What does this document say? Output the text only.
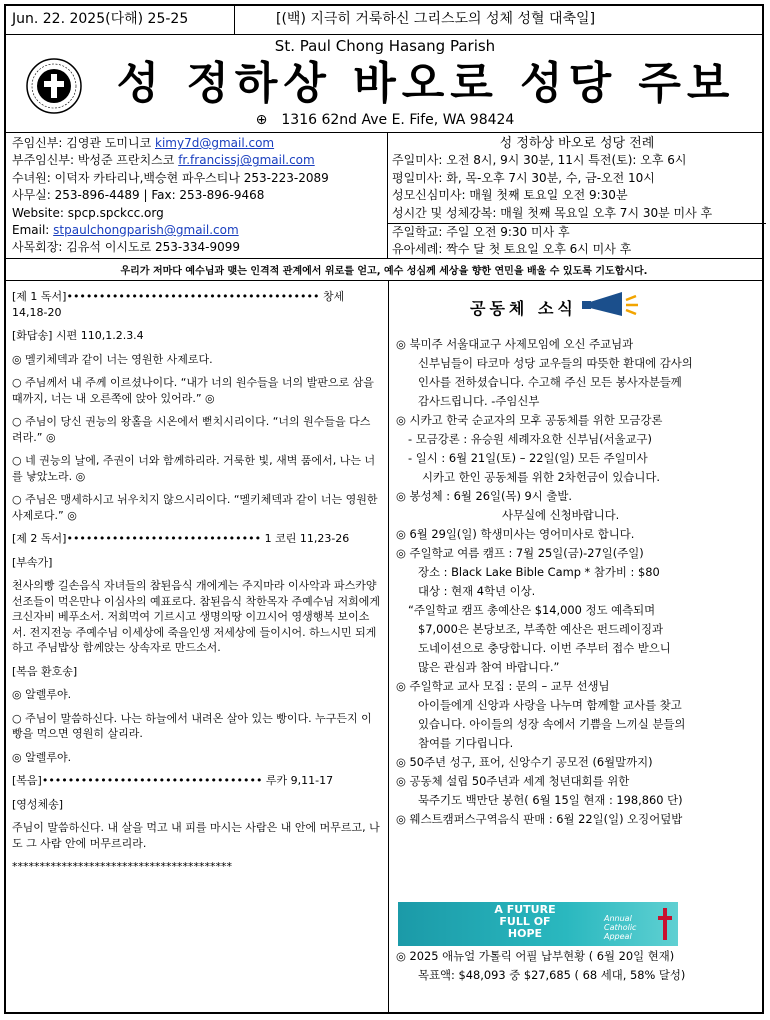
Jun. 22. 2025(다해) 25-25	[(백) 지극히 거룩하신 그리스도의 성체 성혈 대축일]
St. Paul Chong Hasang Parish
성 정하상 바오로 성당 주보
⊕ 1316 62nd Ave E. Fife, WA 98424
주임신부: 김영관 도미니코 kimy7d@gmail.com
부주임신부: 박성준 프란치스코 fr.francissj@gmail.com
수녀원: 이덕자 카타리나,백승현 파우스티나 253-223-2089
사무실: 253-896-4489 | Fax: 253-896-9468
Website: spcp.spckcc.org
Email: stpaulchongparish@gmail.com
사목회장: 김유석 이시도로 253-334-9099
성 정하상 바오로 성당 전례
주일미사: 오전 8시, 9시 30분, 11시 특전(토): 오후 6시
평일미사: 화, 목-오후 7시 30분, 수, 금-오전 10시
성모신심미사: 매월 첫째 토요일 오전 9:30분
성시간 및 성체강복: 매월 첫째 목요일 오후 7시 30분 미사 후
주일학교: 주일 오전 9:30 미사 후
유아세례: 짝수 달 첫 토요일 오후 6시 미사 후
우리가 저마다 예수님과 맺는 인격적 관계에서 위로를 얻고, 예수 성심께 세상을 향한 연민을 배울 수 있도록 기도합시다.

[제 1 독서]••••••••••••••••••••••••••••••••••••••• 창세 14,18-20

[화답송] 시편 110,1.2.3.4

◎ 멜키체덱과 같이 너는 영원한 사제로다.

○ 주님께서 내 주께 이르셨나이다. “내가 너의 원수들을 너의 발판으로 삼을 때까지, 너는 내 오른쪽에 앉아 있어라.” ◎

○ 주님이 당신 권능의 왕홀을 시온에서 뻗치시리이다. “너의 원수들을 다스려라.” ◎

○ 네 권능의 날에, 주권이 너와 함께하리라. 거룩한 빛, 새벽 품에서, 나는 너를 낳았노라. ◎

○ 주님은 맹세하시고 뉘우치지 않으시리이다. “멜키체덱과 같이 너는 영원한 사제로다.” ◎

[제 2 독서]•••••••••••••••••••••••••••••• 1 코린 11,23-26

[부속가]

천사의빵 길손음식 자녀들의 참된음식 개에게는 주지마라 이사악과 파스카양 선조들이 먹은만나 이심사의 예표로다. 참된음식 착한목자 주예수님 저희에게 크신자비 베푸소서. 저희먹여 기르시고 생명의땅 이끄시어 영생행복 보이소서. 전지전능 주예수님 이세상에 죽을인생 저세상에 들이시어. 하느시민 되게하고 주님밥상 함께앉는 상속자로 만드소서.

[복음 환호송]

◎ 알렐루야.

○ 주님이 말씀하신다. 나는 하늘에서 내려온 살아 있는 빵이다. 누구든지 이 빵을 먹으면 영원히 살리라.

◎ 알렐루야.

[복음]•••••••••••••••••••••••••••••••••• 루카 9,11-17

[영성체송]

주님이 말씀하신다. 내 살을 먹고 내 피를 마시는 사람은 내 안에 머무르고, 나도 그 사람 안에 머무르리라.

****************************************

공동체 소식

◎ 북미주 서울대교구 사제모임에 오신 주교님과

신부님들이 타코마 성당 교우들의 따뜻한 환대에 감사의

인사를 전하셨습니다. 수고해 주신 모든 봉사자분들께

감사드립니다. -주임신부

◎ 시카고 한국 순교자의 모후 공동체를 위한 모금강론

- 모금강론 : 유승원 세례자요한 신부님(서울교구)

- 일시 : 6월 21일(토) – 22일(일) 모든 주일미사

시카고 한인 공동체를 위한 2차헌금이 있습니다.

◎ 봉성체 : 6월 26일(목) 9시 출발.

사무실에 신청바랍니다.

◎ 6월 29일(일) 학생미사는 영어미사로 합니다.

◎ 주일학교 여름 캠프 : 7월 25일(금)-27일(주일)

장소 : Black Lake Bible Camp * 참가비 : $80

대상 : 현재 4학년 이상.

“주일학교 캠프 총예산은 $14,000 정도 예측되며

$7,000은 본당보조, 부족한 예산은 펀드레이징과

도네이션으로 충당합니다. 이번 주부터 접수 받으니

많은 관심과 참여 바랍니다.”

◎ 주일학교 교사 모집 : 문의 – 교무 선생님

아이들에게 신앙과 사랑을 나누며 함께할 교사를 찾고

있습니다. 아이들의 성장 속에서 기쁨을 느끼실 분들의

참여를 기다립니다.

◎ 50주년 성구, 표어, 신앙수기 공모전 (6월말까지)

◎ 공동체 설립 50주년과 세계 청년대회를 위한

묵주기도 백만단 봉헌( 6월 15일 현재 : 198,860 단)

◎ 웨스트캠퍼스구역음식 판매 : 6월 22일(일) 오징어덮밥

A FUTURE FULL OF HOPE
Annual Catholic Appeal
◎ 2025 애뉴얼 가톨릭 어필 납부현황 ( 6월 20일 현재)
목표액: $48,093 중 $27,685 ( 68 세대, 58% 달성)
